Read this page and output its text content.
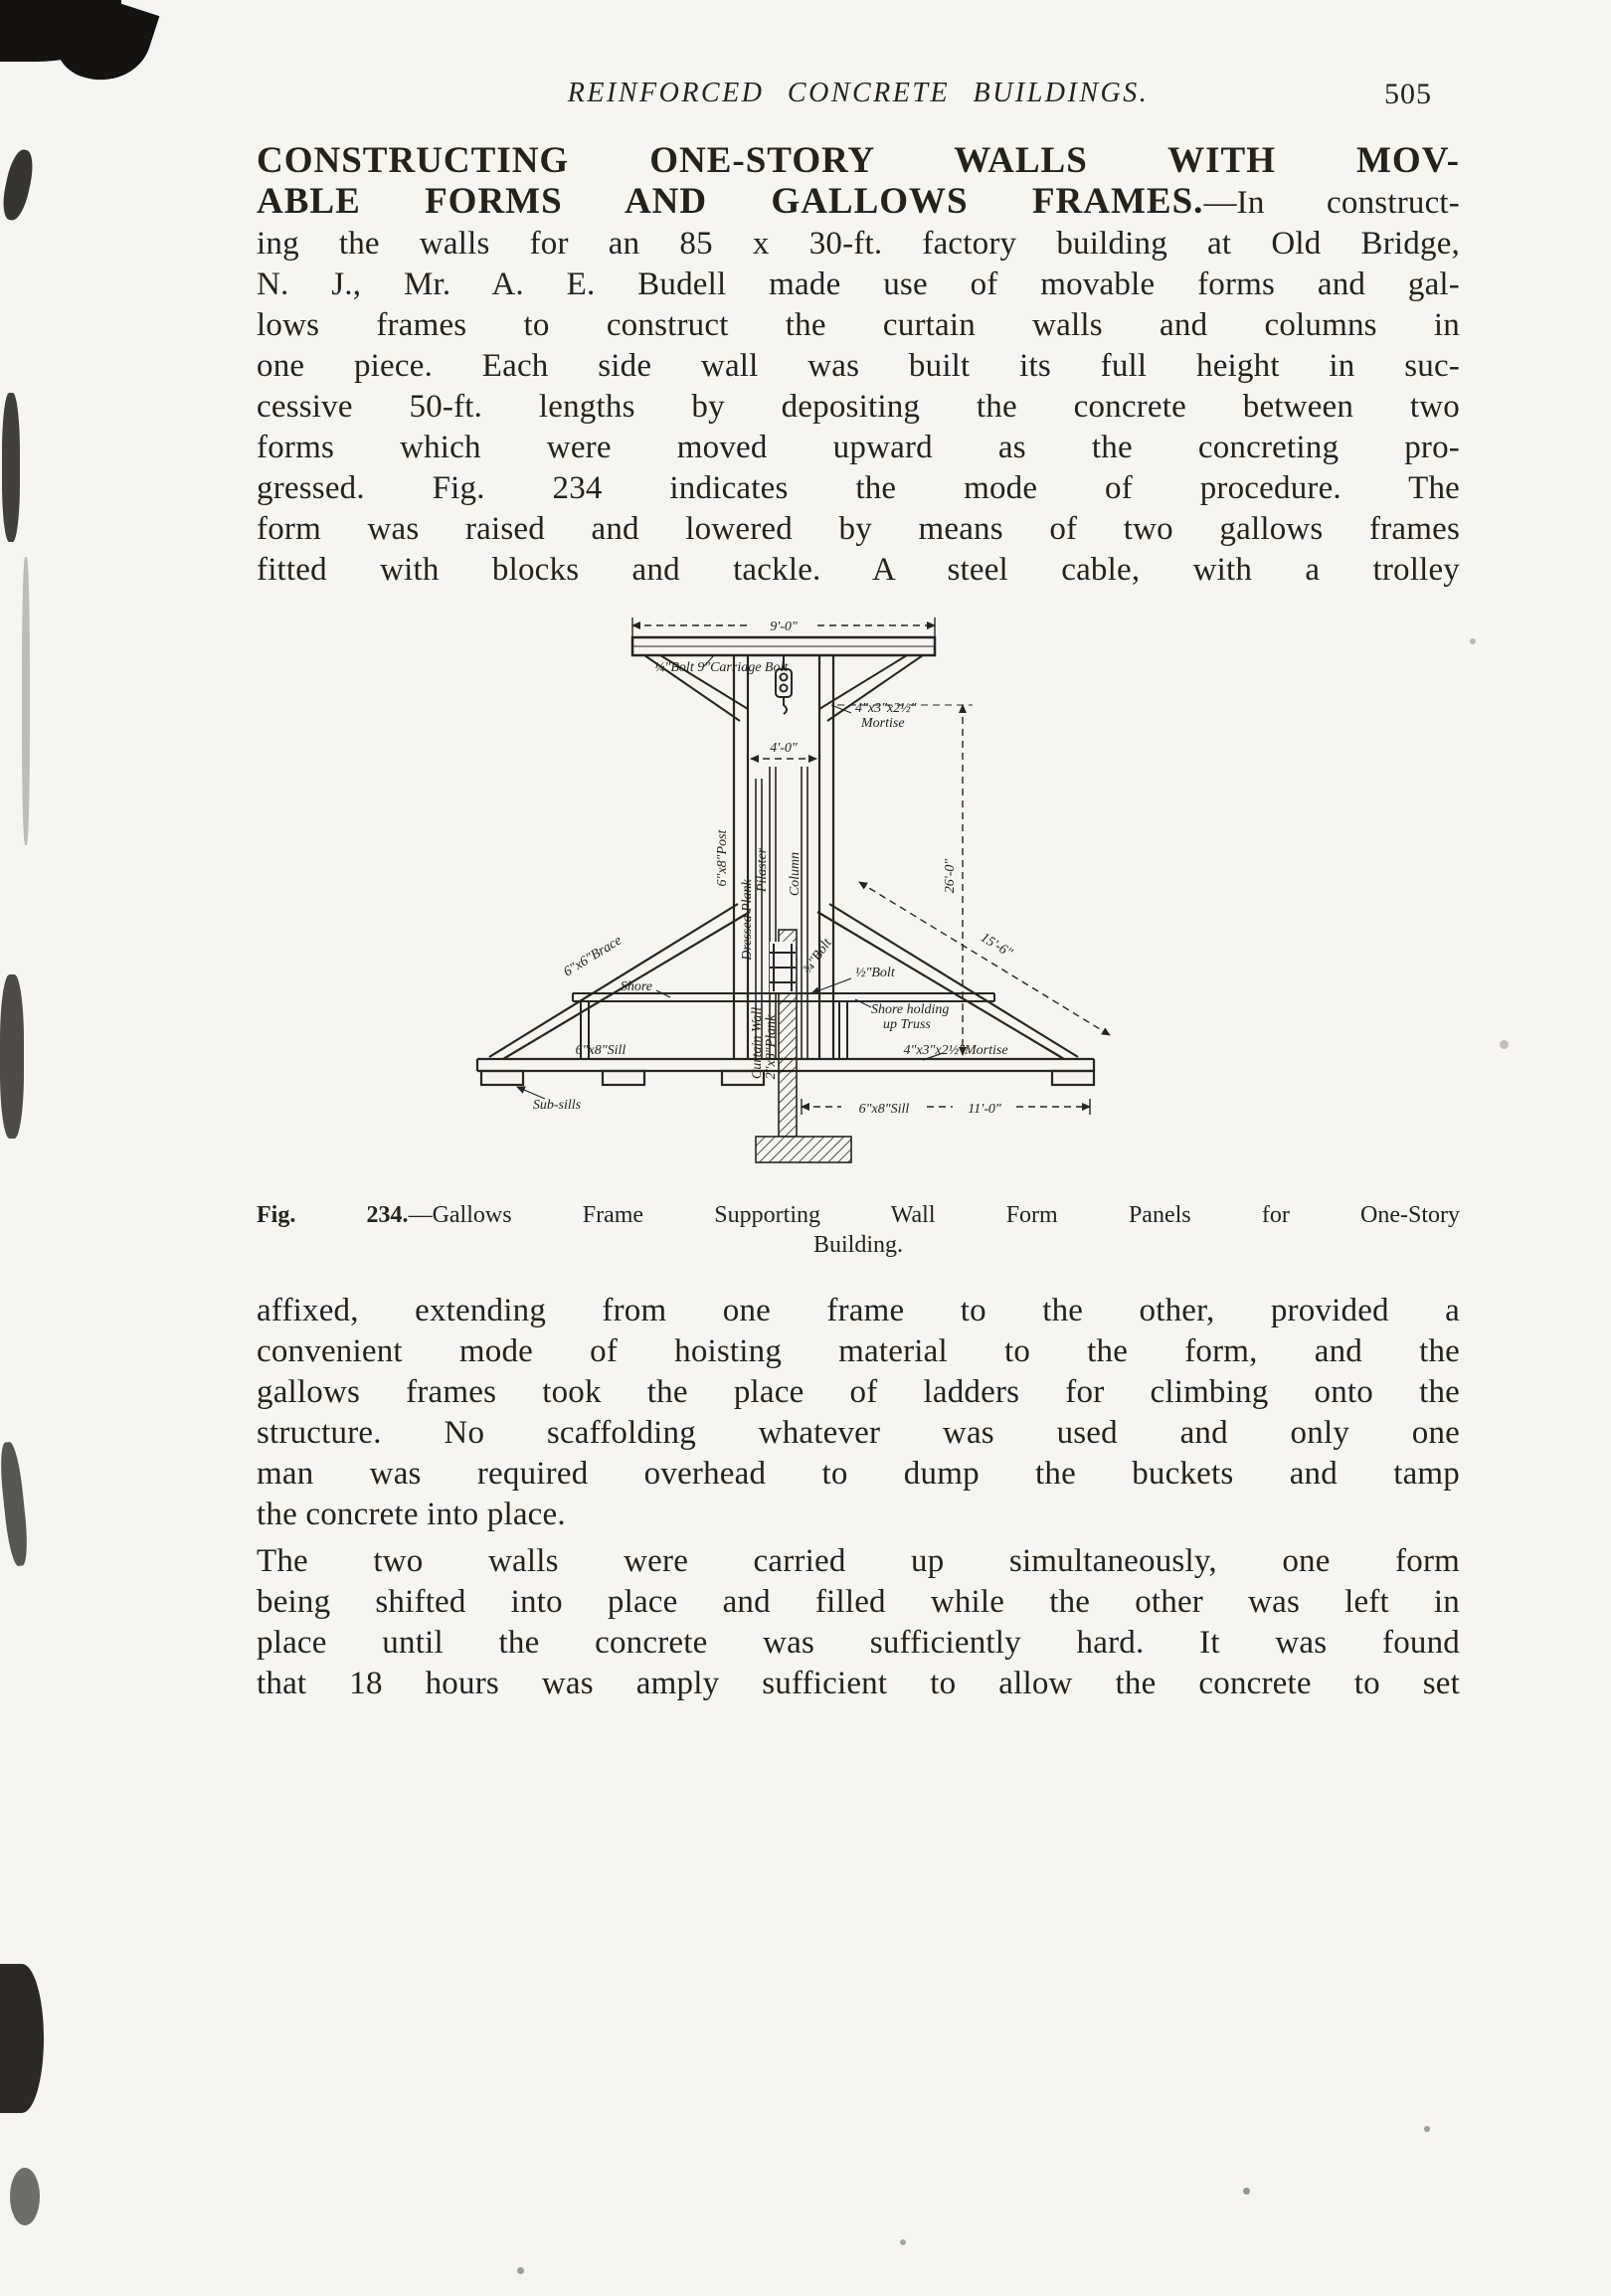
REINFORCED CONCRETE BUILDINGS.	505
CONSTRUCTING ONE-STORY WALLS WITH MOV-
ABLE FORMS AND GALLOWS FRAMES.—In construct-
ing the walls for an 85 x 30-ft. factory building at Old Bridge,
N. J., Mr. A. E. Budell made use of movable forms and gal-
lows frames to construct the curtain walls and columns in
one piece. Each side wall was built its full height in suc-
cessive 50-ft. lengths by depositing the concrete between two
forms which were moved upward as the concreting pro-
gressed. Fig. 234 indicates the mode of procedure. The
form was raised and lowered by means of two gallows frames
fitted with blocks and tackle. A steel cable, with a trolley
9'-0"
¼"Bolt 9"Carriage Bolt
4"x3"x2½"
Mortise
4'-0"
6"x8"Post	26'-0"
Dressed Plank
Pilaster Column
6"x6"Brace	¾"Bolt
Shore
½"Bolt
Shore holding
up Truss
15'-6"
Curtain Wall 2"x8"Plank
6"x8"Sill	4"x3"x2½"Mortise
Sub-sills	6"x8"Sill	11'-0"
Fig. 234.—Gallows Frame Supporting Wall Form Panels for One-Story
Building.
affixed, extending from one frame to the other, provided a
convenient mode of hoisting material to the form, and the
gallows frames took the place of ladders for climbing onto the
structure. No scaffolding whatever was used and only one
man was required overhead to dump the buckets and tamp
the concrete into place.
The two walls were carried up simultaneously, one form
being shifted into place and filled while the other was left in
place until the concrete was sufficiently hard. It was found
that 18 hours was amply sufficient to allow the concrete to set
